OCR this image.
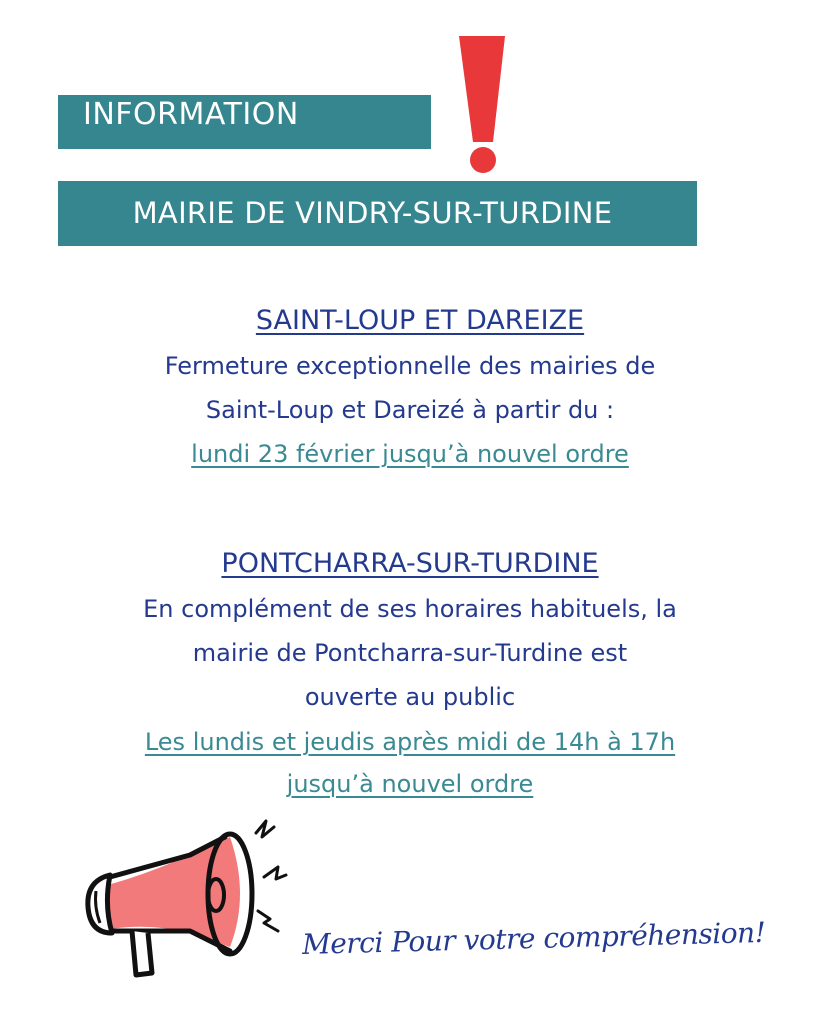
INFORMATION
MAIRIE DE VINDRY-SUR-TURDINE
SAINT-LOUP ET DAREIZE
Fermeture exceptionnelle des mairies de
Saint-Loup et Dareizé à partir du :
lundi 23 février jusqu’à nouvel ordre
PONTCHARRA-SUR-TURDINE
En complément de ses horaires habituels, la
mairie de Pontcharra-sur-Turdine est
ouverte au public
Les lundis et jeudis après midi de 14h à 17h
jusqu’à nouvel ordre
Merci Pour votre compréhension!
